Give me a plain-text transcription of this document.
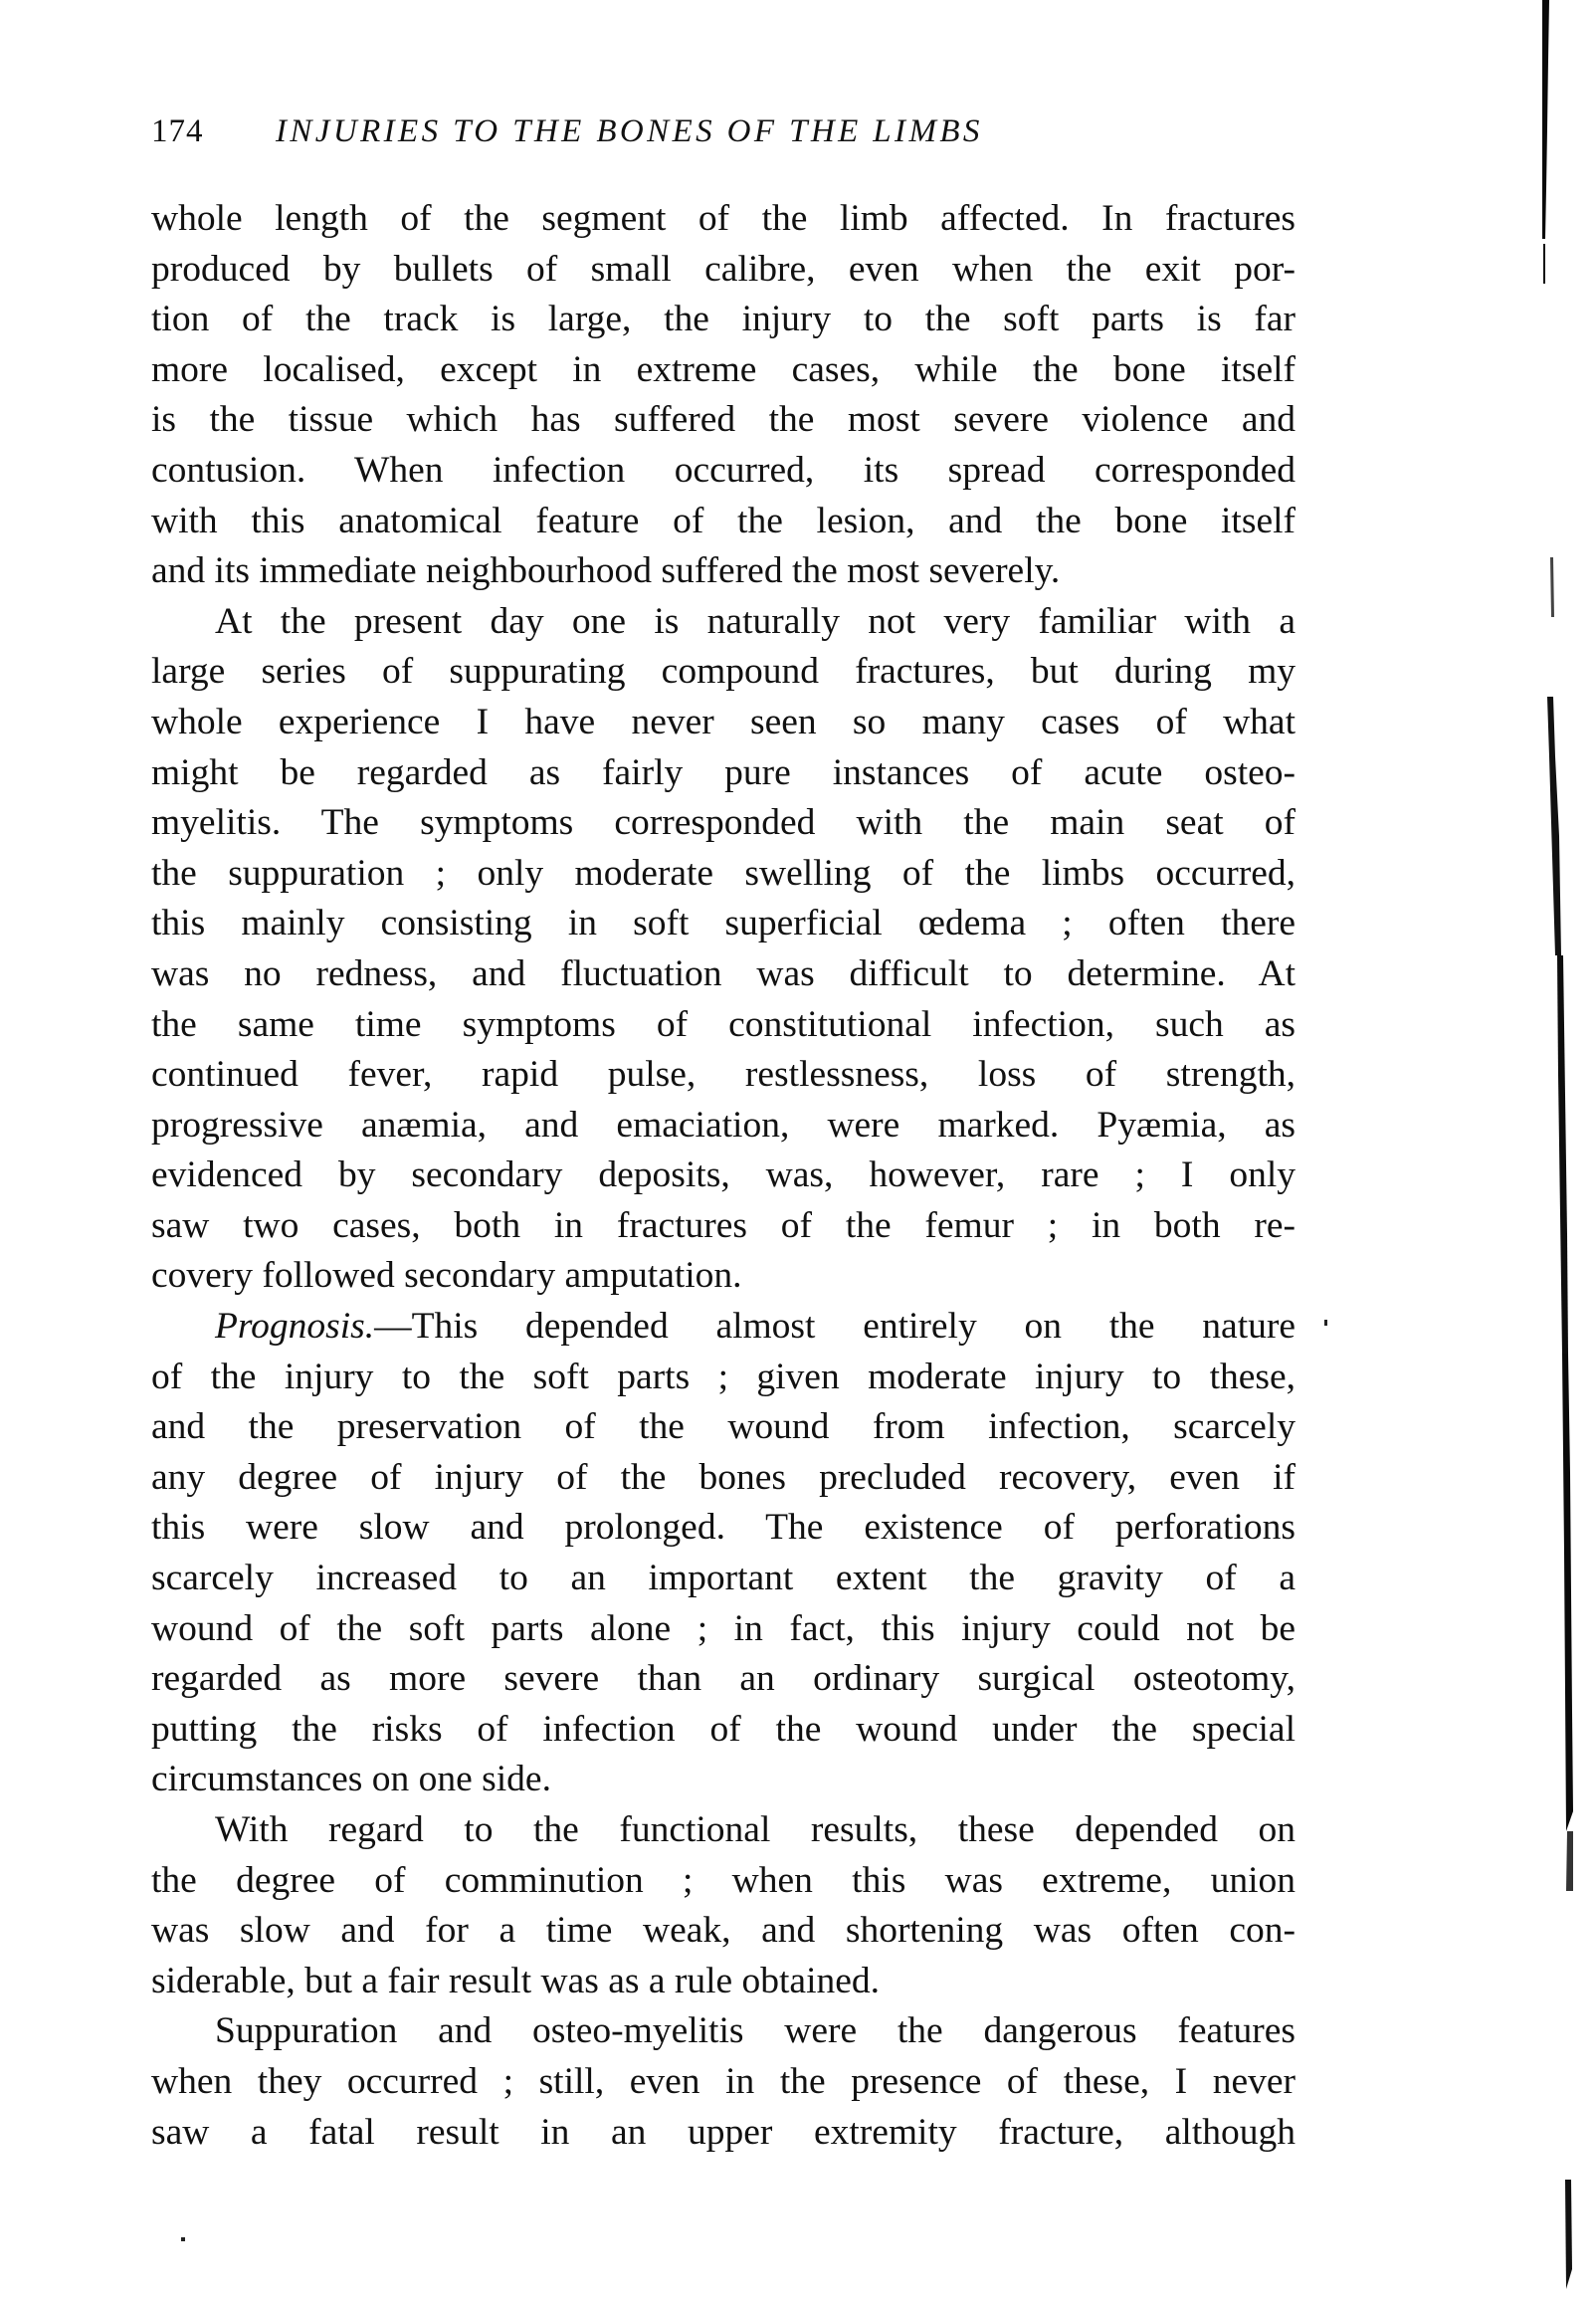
174 INJURIES TO THE BONES OF THE LIMBS
whole length of the segment of the limb affected. In fractures
produced by bullets of small calibre, even when the exit por-
tion of the track is large, the injury to the soft parts is far
more localised, except in extreme cases, while the bone itself
is the tissue which has suffered the most severe violence and
contusion. When infection occurred, its spread corresponded
with this anatomical feature of the lesion, and the bone itself
and its immediate neighbourhood suffered the most severely.
At the present day one is naturally not very familiar with a
large series of suppurating compound fractures, but during my
whole experience I have never seen so many cases of what
might be regarded as fairly pure instances of acute osteo-
myelitis. The symptoms corresponded with the main seat of
the suppuration ; only moderate swelling of the limbs occurred,
this mainly consisting in soft superficial œdema ; often there
was no redness, and fluctuation was difficult to determine. At
the same time symptoms of constitutional infection, such as
continued fever, rapid pulse, restlessness, loss of strength,
progressive anæmia, and emaciation, were marked. Pyæmia, as
evidenced by secondary deposits, was, however, rare ; I only
saw two cases, both in fractures of the femur ; in both re-
covery followed secondary amputation.
Prognosis.—This depended almost entirely on the nature
of the injury to the soft parts ; given moderate injury to these,
and the preservation of the wound from infection, scarcely
any degree of injury of the bones precluded recovery, even if
this were slow and prolonged. The existence of perforations
scarcely increased to an important extent the gravity of a
wound of the soft parts alone ; in fact, this injury could not be
regarded as more severe than an ordinary surgical osteotomy,
putting the risks of infection of the wound under the special
circumstances on one side.
With regard to the functional results, these depended on
the degree of comminution ; when this was extreme, union
was slow and for a time weak, and shortening was often con-
siderable, but a fair result was as a rule obtained.
Suppuration and osteo-myelitis were the dangerous features
when they occurred ; still, even in the presence of these, I never
saw a fatal result in an upper extremity fracture, although
